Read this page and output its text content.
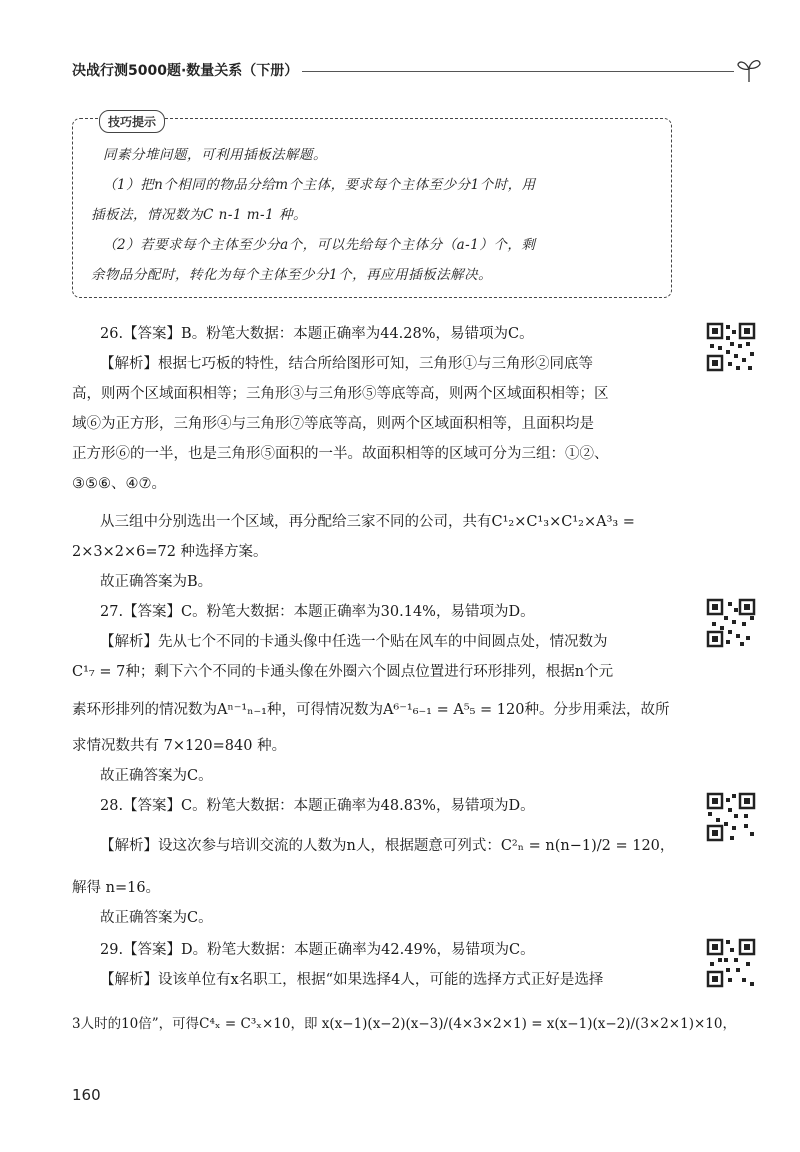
决战行测5000题·数量关系（下册）
技巧提示
同素分堆问题，可利用插板法解题。
（1）把n个相同的物品分给m个主体，要求每个主体至少分1个时，用
插板法，情况数为C n-1 m-1 种。
（2）若要求每个主体至少分a个，可以先给每个主体分（a-1）个，剩
余物品分配时，转化为每个主体至少分1个，再应用插板法解决。
26.【答案】B。粉笔大数据：本题正确率为44.28%，易错项为C。
【解析】根据七巧板的特性，结合所给图形可知，三角形①与三角形②同底等
高，则两个区域面积相等；三角形③与三角形⑤等底等高，则两个区域面积相等；区
域⑥为正方形，三角形④与三角形⑦等底等高，则两个区域面积相等，且面积均是
正方形⑥的一半，也是三角形⑤面积的一半。故面积相等的区域可分为三组：①②、
③⑤⑥、④⑦。
从三组中分别选出一个区域，再分配给三家不同的公司，共有C¹₂×C¹₃×C¹₂×A³₃ =
2×3×2×6=72 种选择方案。
故正确答案为B。
27.【答案】C。粉笔大数据：本题正确率为30.14%，易错项为D。
【解析】先从七个不同的卡通头像中任选一个贴在风车的中间圆点处，情况数为
C¹₇ = 7种；剩下六个不同的卡通头像在外圈六个圆点位置进行环形排列，根据n个元
素环形排列的情况数为Aⁿ⁻¹ₙ₋₁种，可得情况数为A⁶⁻¹₆₋₁ = A⁵₅ = 120种。分步用乘法，故所
求情况数共有 7×120=840 种。
故正确答案为C。
28.【答案】C。粉笔大数据：本题正确率为48.83%，易错项为D。
【解析】设这次参与培训交流的人数为n人，根据题意可列式：C²ₙ = n(n−1)/2 = 120，
解得 n=16。
故正确答案为C。
29.【答案】D。粉笔大数据：本题正确率为42.49%，易错项为C。
【解析】设该单位有x名职工，根据“如果选择4人，可能的选择方式正好是选择
3人时的10倍”，可得C⁴ₓ = C³ₓ×10，即 x(x−1)(x−2)(x−3)/(4×3×2×1) = x(x−1)(x−2)/(3×2×1)×10，
160
